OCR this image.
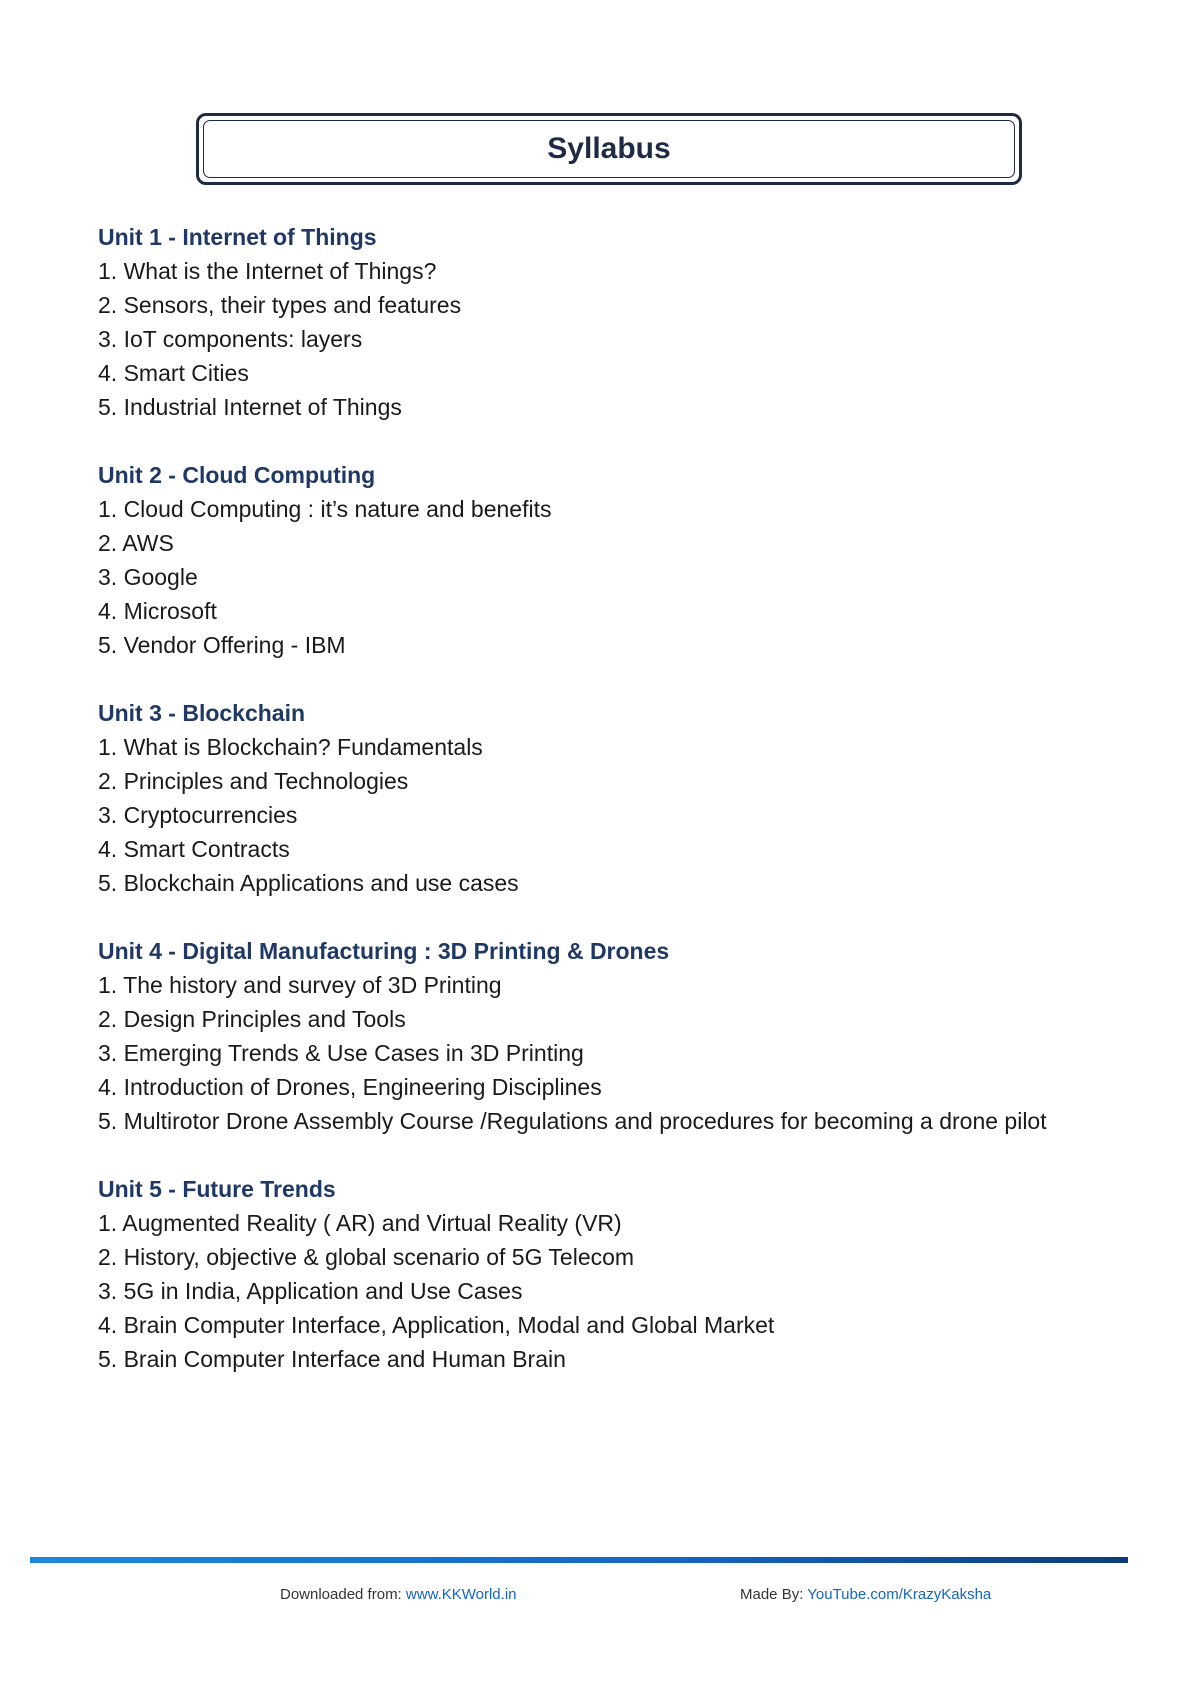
Syllabus
Unit 1 - Internet of Things
1. What is the Internet of Things?
2. Sensors, their types and features
3. IoT components: layers
4. Smart Cities
5. Industrial Internet of Things
Unit 2 - Cloud Computing
1. Cloud Computing : it’s nature and benefits
2. AWS
3. Google
4. Microsoft
5. Vendor Offering - IBM
Unit 3 - Blockchain
1. What is Blockchain? Fundamentals
2. Principles and Technologies
3. Cryptocurrencies
4. Smart Contracts
5. Blockchain Applications and use cases
Unit 4 - Digital Manufacturing : 3D Printing & Drones
1. The history and survey of 3D Printing
2. Design Principles and Tools
3. Emerging Trends & Use Cases in 3D Printing
4. Introduction of Drones, Engineering Disciplines
5. Multirotor Drone Assembly Course /Regulations and procedures for becoming a drone pilot
Unit 5 - Future Trends
1. Augmented Reality ( AR) and Virtual Reality (VR)
2. History, objective & global scenario of 5G Telecom
3. 5G in India, Application and Use Cases
4. Brain Computer Interface, Application, Modal and Global Market
5. Brain Computer Interface and Human Brain
Downloaded from: www.KKWorld.in	Made By: YouTube.com/KrazyKaksha
